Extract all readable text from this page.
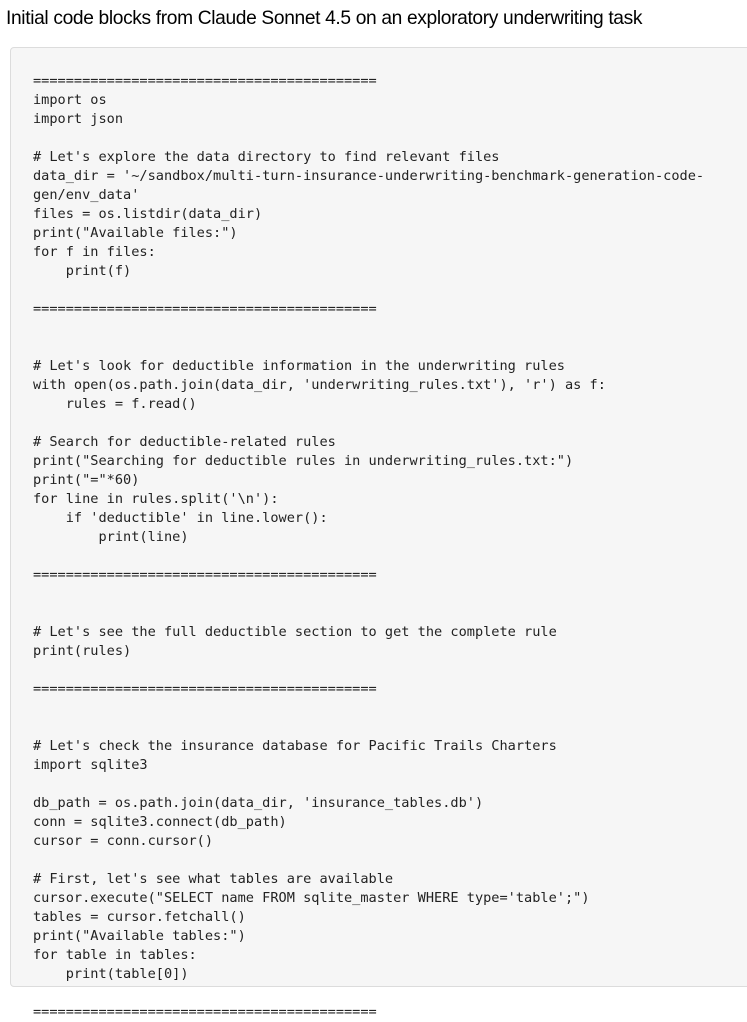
Initial code blocks from Claude Sonnet 4.5 on an exploratory underwriting task
==========================================
import os
import json
# Let's explore the data directory to find relevant files
data_dir = '~/sandbox/multi-turn-insurance-underwriting-benchmark-generation-code-
gen/env_data'
files = os.listdir(data_dir)
print("Available files:")
for f in files:
print(f)
==========================================
# Let's look for deductible information in the underwriting rules
with open(os.path.join(data_dir, 'underwriting_rules.txt'), 'r') as f:
rules = f.read()
# Search for deductible-related rules
print("Searching for deductible rules in underwriting_rules.txt:")
print("="*60)
for line in rules.split('\n'):
if 'deductible' in line.lower():
print(line)
==========================================
# Let's see the full deductible section to get the complete rule
print(rules)
==========================================
# Let's check the insurance database for Pacific Trails Charters
import sqlite3
db_path = os.path.join(data_dir, 'insurance_tables.db')
conn = sqlite3.connect(db_path)
cursor = conn.cursor()
# First, let's see what tables are available
cursor.execute("SELECT name FROM sqlite_master WHERE type='table';")
tables = cursor.fetchall()
print("Available tables:")
for table in tables:
print(table[0])
==========================================
